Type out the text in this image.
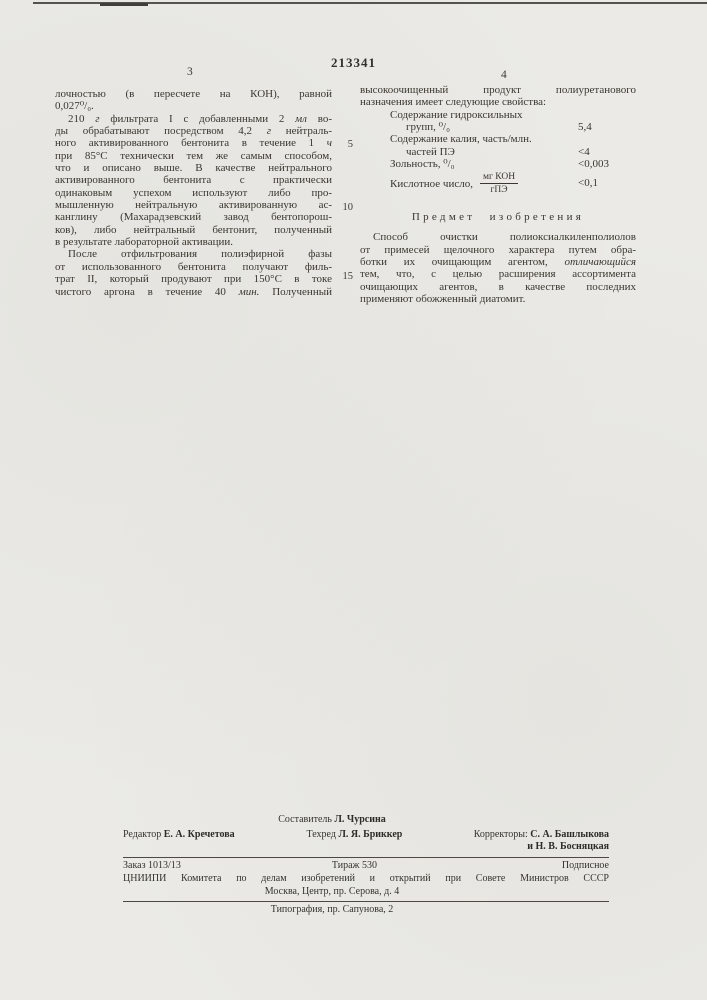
213341
3	4
лочностью (в пересчете на КОН), равной
0,027⁰/₀.
210 г фильтрата I с добавленными 2 мл во-
ды обрабатывают посредством 4,2 г нейтраль-
ного активированного бентонита в течение 1 ч
при 85°С технически тем же самым способом,
что и описано выше. В качестве нейтрального
активированного бентонита с практически
одинаковым успехом используют либо про-
мышленную нейтральную активированную ас-
канглину (Махарадзевский завод бентопорош-
ков), либо нейтральный бентонит, полученный
в результате лабораторной активации.
После отфильтрования полиэфирной фазы
от использованного бентонита получают филь-
трат II, который продувают при 150°С в токе
чистого аргона в течение 40 мин. Полученный
5
10
15
высокоочищенный продукт полиуретанового
назначения имеет следующие свойства:
Содержание гидроксильных
групп, ⁰/₀	5,4
Содержание калия, часть/млн.
частей ПЭ	<4
Зольность, ⁰/₀	<0,003
Кислотное число, $\frac{\text{мг КОН}}{\text{гПЭ}}$	<0,1
Предмет изобретения
Способ очистки полиоксиалкиленполиолов
от примесей щелочного характера путем обра-
ботки их очищающим агентом, отличающийся
тем, что, с целью расширения ассортимента
очищающих агентов, в качестве последних
применяют обожженный диатомит.
Составитель Л. Чурсина
Редактор Е. А. Кречетова	Техред Л. Я. Бриккер	Корректоры: С. А. Башлыкова
и Н. В. Босняцкая
Заказ 1013/13	Тираж 530	Подписное
ЦНИИПИ Комитета по делам изобретений и открытий при Совете Министров СССР
Москва, Центр, пр. Серова, д. 4
Типография, пр. Сапунова, 2
